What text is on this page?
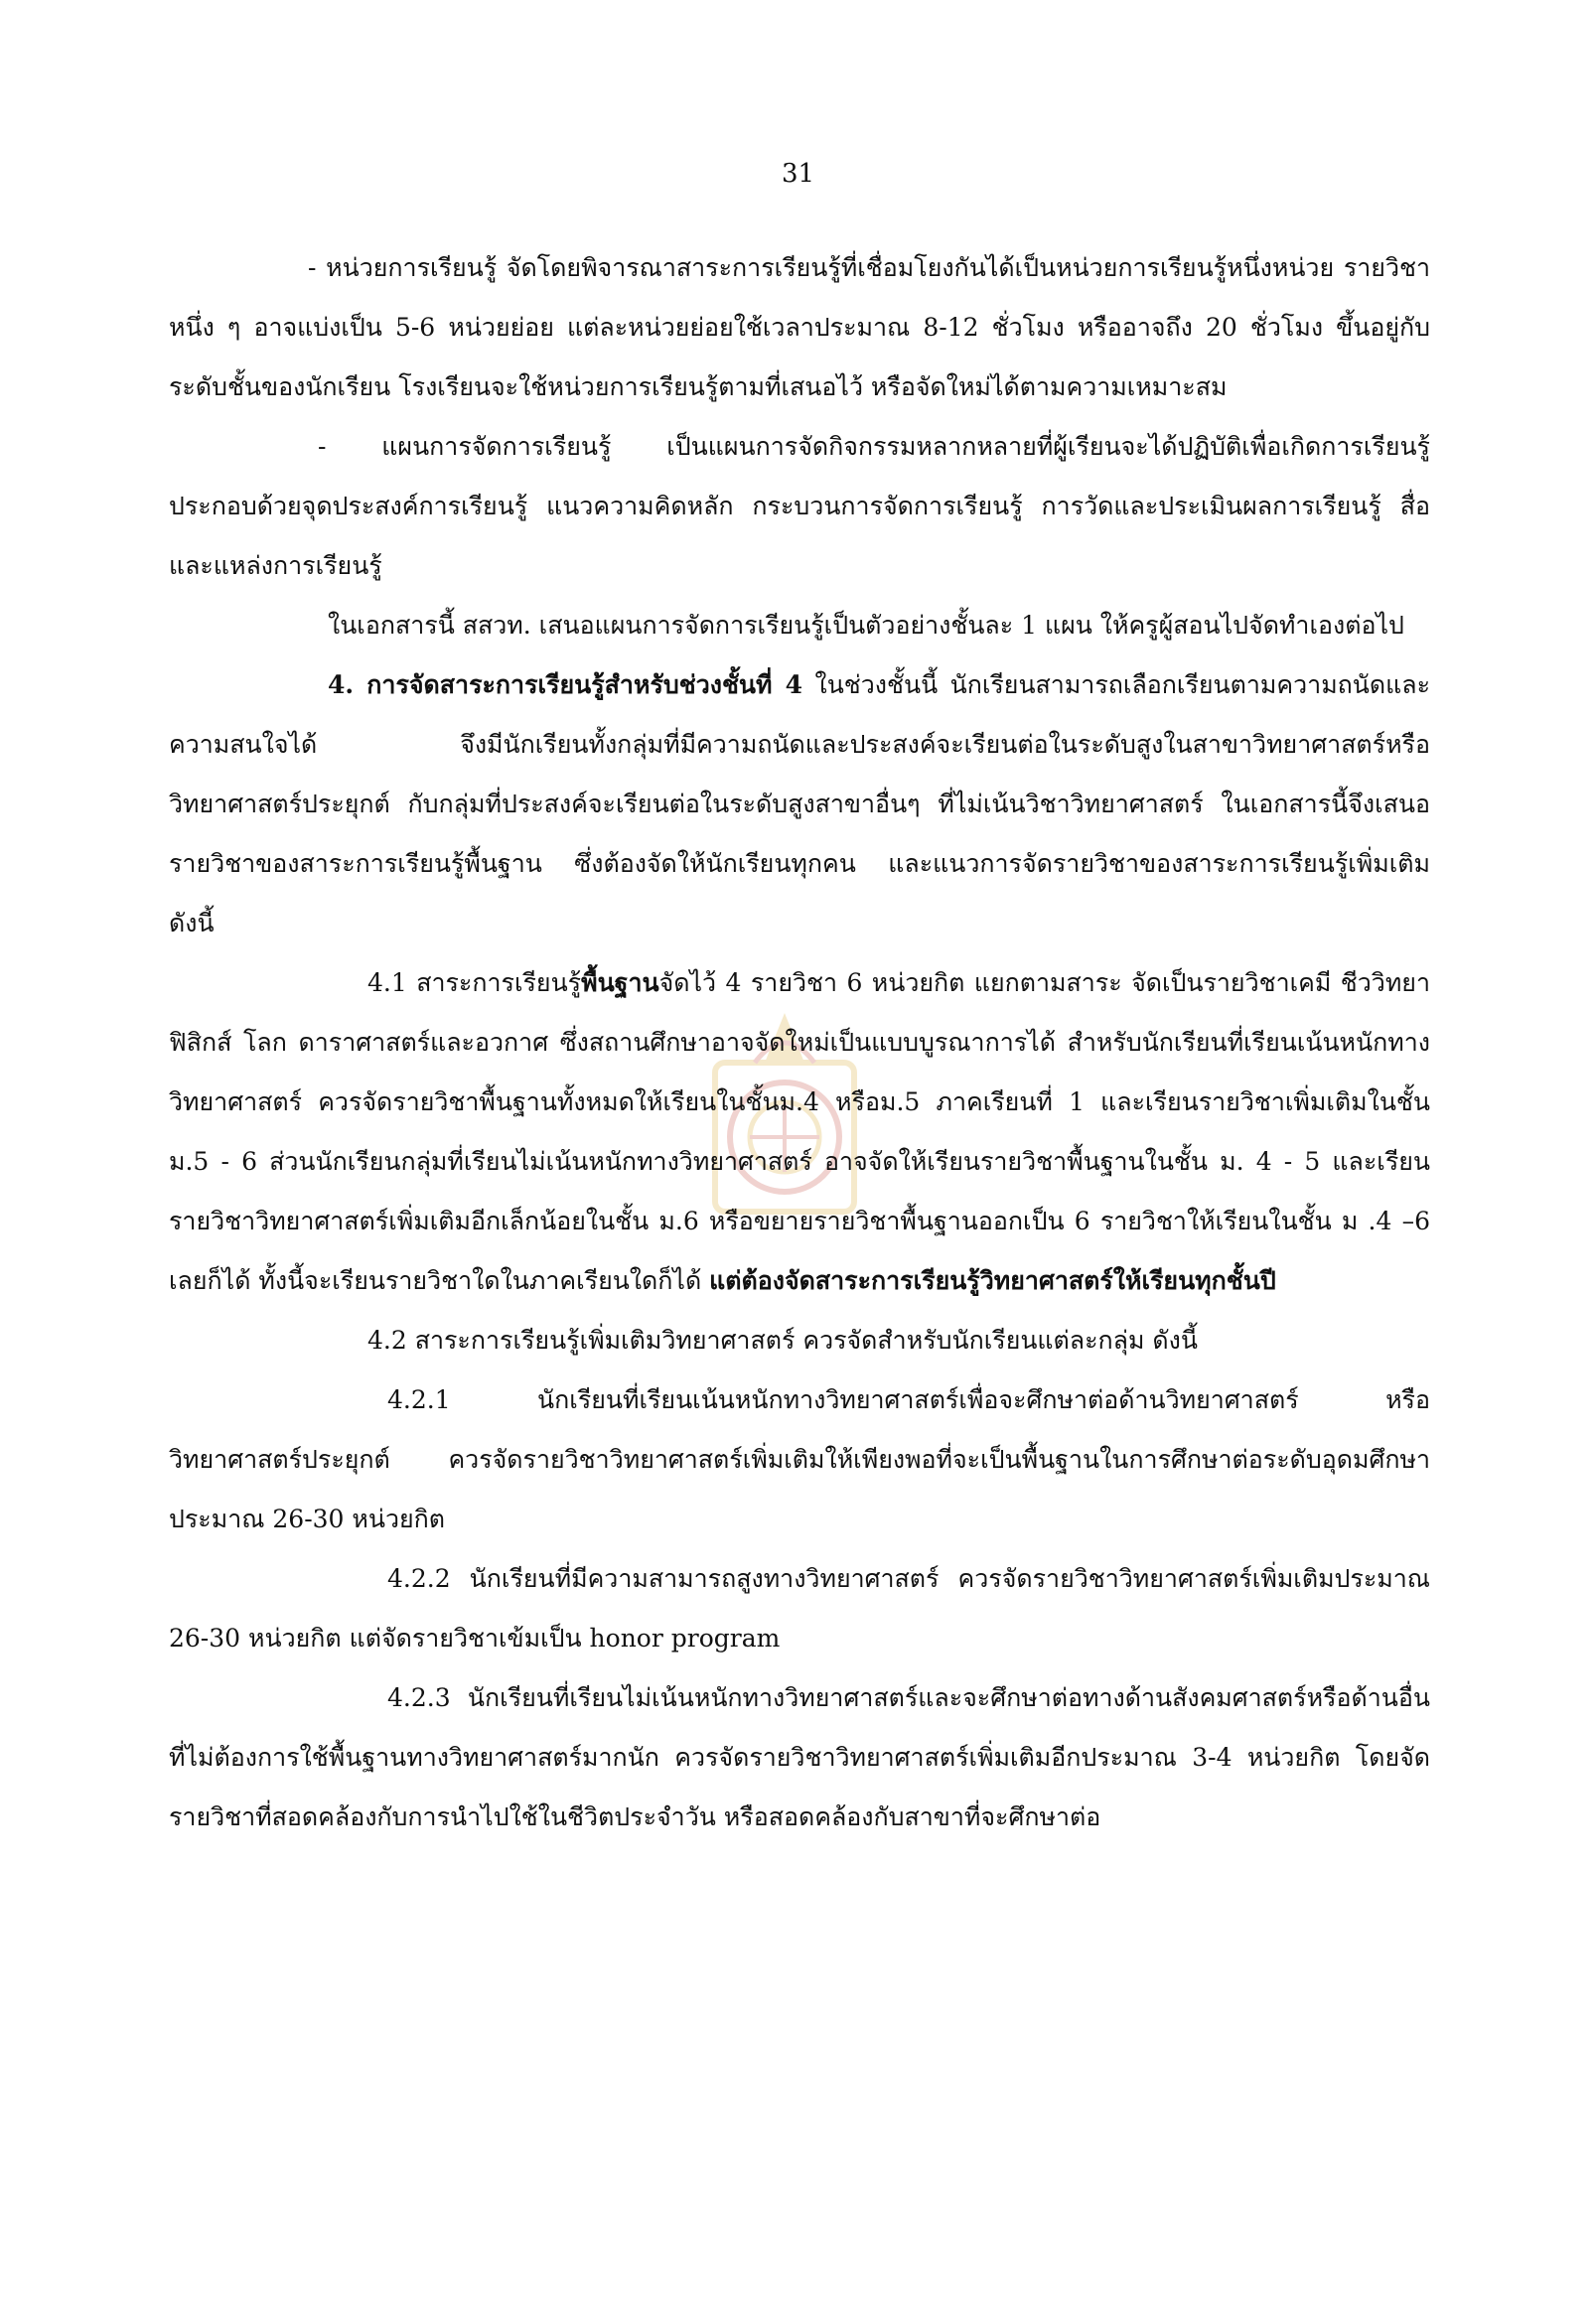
31

- หน่วยการเรียนรู้ จัดโดยพิจารณาสาระการเรียนรู้ที่เชื่อมโยงกันได้เป็นหน่วยการเรียนรู้หนึ่งหน่วย รายวิชาหนึ่ง ๆ อาจแบ่งเป็น 5-6 หน่วยย่อย แต่ละหน่วยย่อยใช้เวลาประมาณ 8-12 ชั่วโมง หรืออาจถึง 20 ชั่วโมง ขึ้นอยู่กับระดับชั้นของนักเรียน โรงเรียนจะใช้หน่วยการเรียนรู้ตามที่เสนอไว้ หรือจัดใหม่ได้ตามความเหมาะสม

- แผนการจัดการเรียนรู้ เป็นแผนการจัดกิจกรรมหลากหลายที่ผู้เรียนจะได้ปฏิบัติเพื่อเกิดการเรียนรู้ ประกอบด้วยจุดประสงค์การเรียนรู้ แนวความคิดหลัก กระบวนการจัดการเรียนรู้ การวัดและประเมินผลการเรียนรู้ สื่อและแหล่งการเรียนรู้

ในเอกสารนี้ สสวท. เสนอแผนการจัดการเรียนรู้เป็นตัวอย่างชั้นละ 1 แผน ให้ครูผู้สอนไปจัดทำเองต่อไป

4. การจัดสาระการเรียนรู้สำหรับช่วงชั้นที่ 4 ในช่วงชั้นนี้ นักเรียนสามารถเลือกเรียนตามความถนัดและความสนใจได้ จึงมีนักเรียนทั้งกลุ่มที่มีความถนัดและประสงค์จะเรียนต่อในระดับสูงในสาขาวิทยาศาสตร์หรือวิทยาศาสตร์ประยุกต์ กับกลุ่มที่ประสงค์จะเรียนต่อในระดับสูงสาขาอื่นๆ ที่ไม่เน้นวิชาวิทยาศาสตร์ ในเอกสารนี้จึงเสนอรายวิชาของสาระการเรียนรู้พื้นฐาน ซึ่งต้องจัดให้นักเรียนทุกคน และแนวการจัดรายวิชาของสาระการเรียนรู้เพิ่มเติม ดังนี้

4.1 สาระการเรียนรู้พื้นฐานจัดไว้ 4 รายวิชา 6 หน่วยกิต แยกตามสาระ จัดเป็นรายวิชาเคมี ชีววิทยา ฟิสิกส์ โลก ดาราศาสตร์และอวกาศ ซึ่งสถานศึกษาอาจจัดใหม่เป็นแบบบูรณาการได้ สำหรับนักเรียนที่เรียนเน้นหนักทางวิทยาศาสตร์ ควรจัดรายวิชาพื้นฐานทั้งหมดให้เรียนในชั้นม.4 หรือม.5 ภาคเรียนที่ 1 และเรียนรายวิชาเพิ่มเติมในชั้น ม.5 - 6 ส่วนนักเรียนกลุ่มที่เรียนไม่เน้นหนักทางวิทยาศาสตร์ อาจจัดให้เรียนรายวิชาพื้นฐานในชั้น ม. 4 - 5 และเรียนรายวิชาวิทยาศาสตร์เพิ่มเติมอีกเล็กน้อยในชั้น ม.6 หรือขยายรายวิชาพื้นฐานออกเป็น 6 รายวิชาให้เรียนในชั้น ม .4 –6 เลยก็ได้ ทั้งนี้จะเรียนรายวิชาใดในภาคเรียนใดก็ได้ แต่ต้องจัดสาระการเรียนรู้วิทยาศาสตร์ให้เรียนทุกชั้นปี

4.2 สาระการเรียนรู้เพิ่มเติมวิทยาศาสตร์ ควรจัดสำหรับนักเรียนแต่ละกลุ่ม ดังนี้

4.2.1 นักเรียนที่เรียนเน้นหนักทางวิทยาศาสตร์เพื่อจะศึกษาต่อด้านวิทยาศาสตร์ หรือวิทยาศาสตร์ประยุกต์ ควรจัดรายวิชาวิทยาศาสตร์เพิ่มเติมให้เพียงพอที่จะเป็นพื้นฐานในการศึกษาต่อระดับอุดมศึกษาประมาณ 26-30 หน่วยกิต

4.2.2 นักเรียนที่มีความสามารถสูงทางวิทยาศาสตร์ ควรจัดรายวิชาวิทยาศาสตร์เพิ่มเติมประมาณ 26-30 หน่วยกิต แต่จัดรายวิชาเข้มเป็น honor program

4.2.3 นักเรียนที่เรียนไม่เน้นหนักทางวิทยาศาสตร์และจะศึกษาต่อทางด้านสังคมศาสตร์หรือด้านอื่นที่ไม่ต้องการใช้พื้นฐานทางวิทยาศาสตร์มากนัก ควรจัดรายวิชาวิทยาศาสตร์เพิ่มเติมอีกประมาณ 3-4 หน่วยกิต โดยจัดรายวิชาที่สอดคล้องกับการนำไปใช้ในชีวิตประจำวัน หรือสอดคล้องกับสาขาที่จะศึกษาต่อ
